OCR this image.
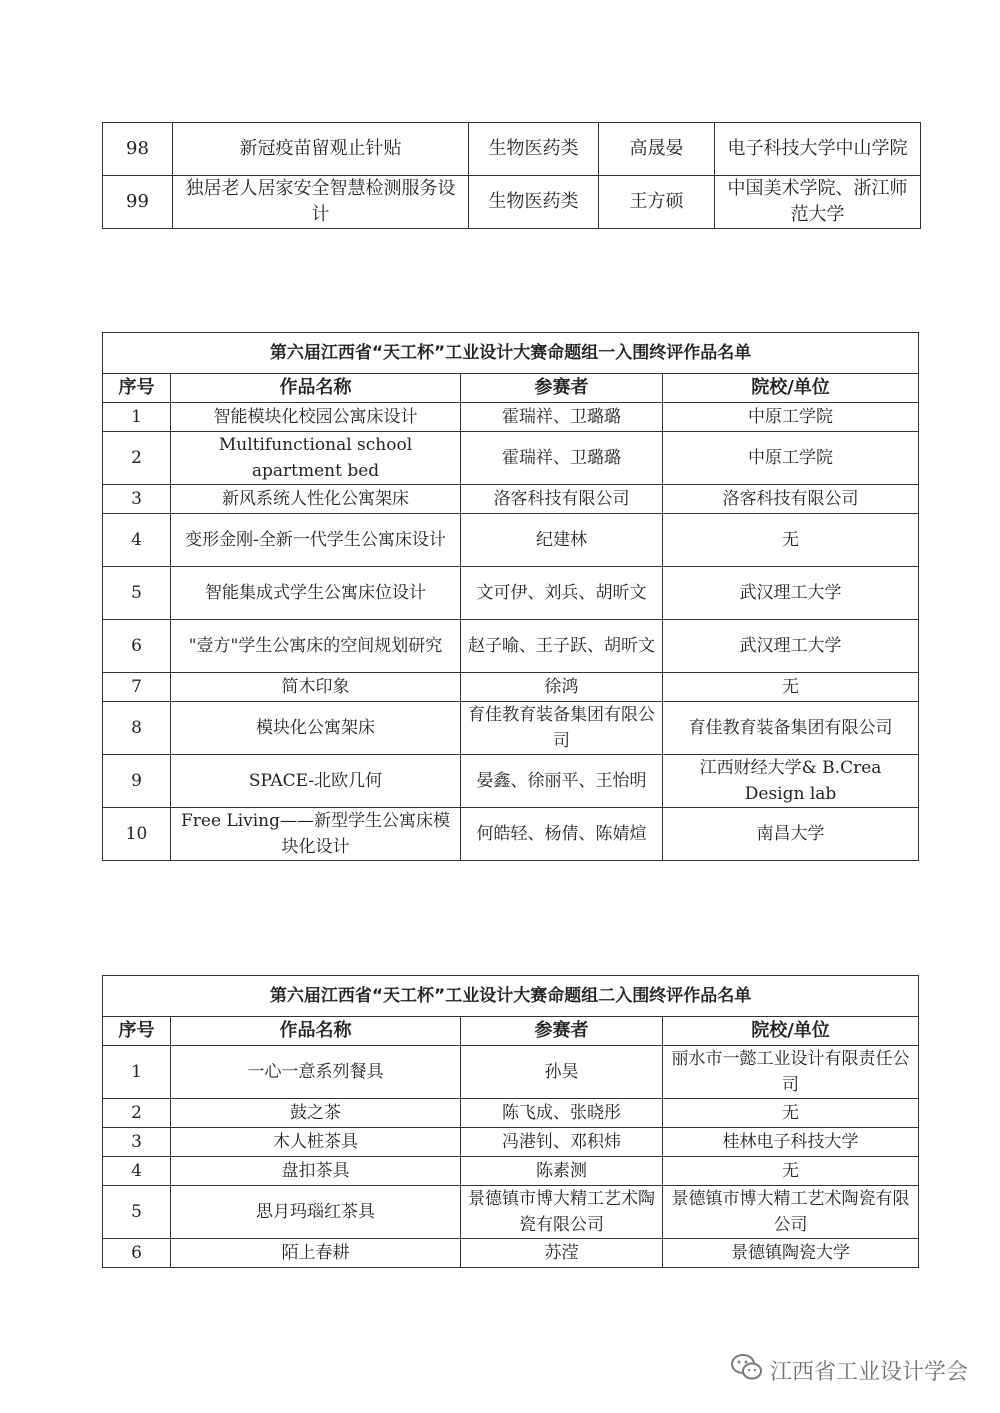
98	新冠疫苗留观止针贴	生物医药类	高晟晏	电子科技大学中山学院
99	独居老人居家安全智慧检测服务设计	生物医药类	王方硕	中国美术学院、浙江师范大学
第六届江西省“天工杯”工业设计大赛命题组一入围终评作品名单			
序号	作品名称	参赛者	院校/单位
1	智能模块化校园公寓床设计	霍瑞祥、卫璐璐	中原工学院
2	Multifunctional school apartment bed	霍瑞祥、卫璐璐	中原工学院
3	新风系统人性化公寓架床	洛客科技有限公司	洛客科技有限公司
4	变形金刚-全新一代学生公寓床设计	纪建林	无
5	智能集成式学生公寓床位设计	文可伊、刘兵、胡昕文	武汉理工大学
6	"壹方"学生公寓床的空间规划研究	赵子喻、王子跃、胡昕文	武汉理工大学
7	简木印象	徐鸿	无
8	模块化公寓架床	育佳教育装备集团有限公司	育佳教育装备集团有限公司
9	SPACE-北欧几何	晏鑫、徐丽平、王怡明	江西财经大学& B.Crea Design lab
10	Free Living——新型学生公寓床模块化设计	何皓轻、杨倩、陈婧煊	南昌大学
第六届江西省“天工杯”工业设计大赛命题组二入围终评作品名单			
序号	作品名称	参赛者	院校/单位
1	一心一意系列餐具	孙昊	丽水市一懿工业设计有限责任公司
2	鼓之茶	陈飞成、张晓彤	无
3	木人桩茶具	冯港钊、邓积炜	桂林电子科技大学
4	盘扣茶具	陈素测	无
5	思月玛瑙红茶具	景德镇市博大精工艺术陶瓷有限公司	景德镇市博大精工艺术陶瓷有限公司
6	陌上春耕	苏滢	景德镇陶瓷大学
江西省工业设计学会
